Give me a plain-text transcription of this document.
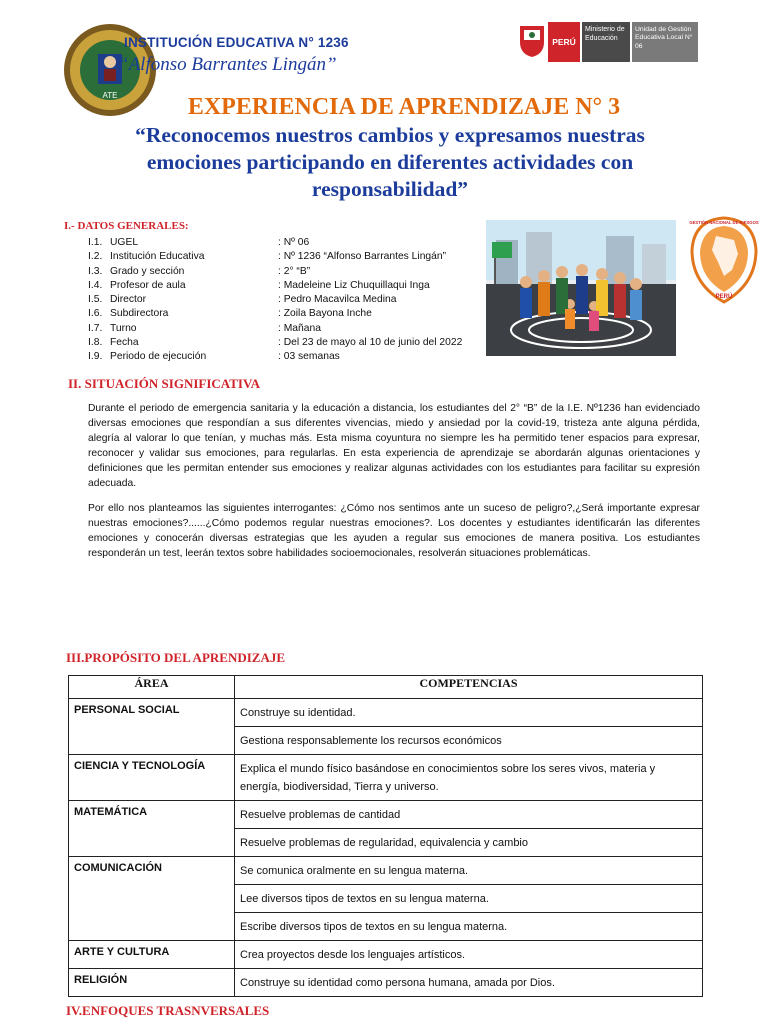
ATE
INSTITUCIÓN EDUCATIVA N° 1236
“Alfonso Barrantes Lingán”
PERÚ
Ministerio de Educación
Unidad de Gestión Educativa Local N° 06
EXPERIENCIA DE APRENDIZAJE N° 3
“Reconocemos nuestros cambios y expresamos nuestras emociones participando en diferentes actividades con responsabilidad”
I.- DATOS GENERALES:
I.1. UGEL	: Nº 06
I.2. Institución Educativa	: Nº 1236 “Alfonso Barrantes Lingán”
I.3. Grado y sección	: 2° “B”
I.4. Profesor de aula	: Madeleine Liz Chuquillaqui Inga
I.5. Director	: Pedro Macavilca Medina
I.6. Subdirectora	: Zoila Bayona Inche
I.7. Turno	: Mañana
I.8. Fecha	: Del 23 de mayo al 10 de junio del 2022
I.9. Periodo de ejecución	: 03 semanas
GESTIÓN NACIONAL DE RIESGOS
PERÚ
II. SITUACIÓN SIGNIFICATIVA
Durante el periodo de emergencia sanitaria y la educación a distancia, los estudiantes del 2° “B” de la I.E. Nº1236 han evidenciado diversas emociones que respondían a sus diferentes vivencias, miedo y ansiedad por la covid-19, tristeza ante alguna pérdida, alegría al valorar lo que tenían, y muchas más. Esta misma coyuntura no siempre les ha permitido tener espacios para expresar, reconocer y validar sus emociones, para regularlas. En esta experiencia de aprendizaje se abordarán algunas orientaciones y definiciones que les permitan entender sus emociones y realizar algunas actividades con los estudiantes para facilitar su expresión adecuada.
Por ello nos planteamos las siguientes interrogantes: ¿Cómo nos sentimos ante un suceso de peligro?,¿Será importante expresar nuestras emociones?......¿Cómo podemos regular nuestras emociones?. Los docentes y estudiantes identificarán las diferentes emociones y conocerán diversas estrategias que les ayuden a regular sus emociones de manera positiva. Los estudiantes responderán un test, leerán textos sobre habilidades socioemocionales, resolverán situaciones problemáticas.
III.PROPÓSITO DEL APRENDIZAJE
ÁREA	COMPETENCIAS
PERSONAL SOCIAL	Construye su identidad.
	Gestiona responsablemente los recursos económicos
CIENCIA Y TECNOLOGÍA	Explica el mundo físico basándose en conocimientos sobre los seres vivos, materia y energía, biodiversidad, Tierra y universo.
MATEMÁTICA	Resuelve problemas de cantidad
	Resuelve problemas de regularidad, equivalencia y cambio
COMUNICACIÓN	Se comunica oralmente en su lengua materna.
	Lee diversos tipos de textos en su lengua materna.
	Escribe diversos tipos de textos en su lengua materna.
ARTE Y CULTURA	Crea proyectos desde los lenguajes artísticos.
RELIGIÓN	Construye su identidad como persona humana, amada por Dios.
IV.ENFOQUES TRASNVERSALES
